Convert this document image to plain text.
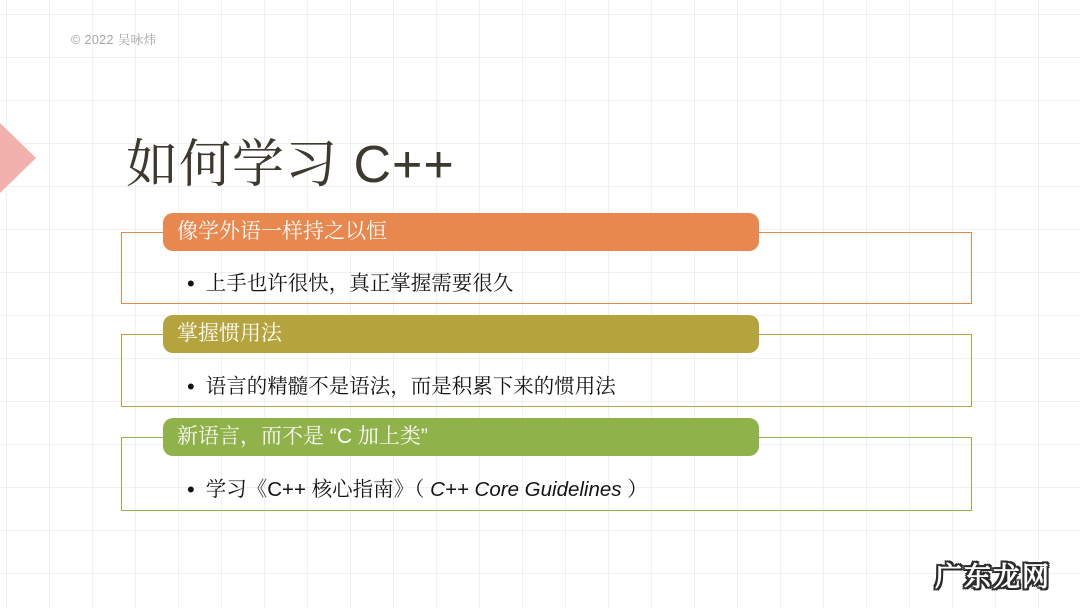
© 2022 吴咏炜
如何学习 C++
像学外语一样持之以恒
• 上手也许很快，真正掌握需要很久
掌握惯用法
• 语言的精髓不是语法，而是积累下来的惯用法
新语言，而不是 “C 加上类”
• 学习《C++ 核心指南》（ C++ Core Guidelines ）
广东龙网
